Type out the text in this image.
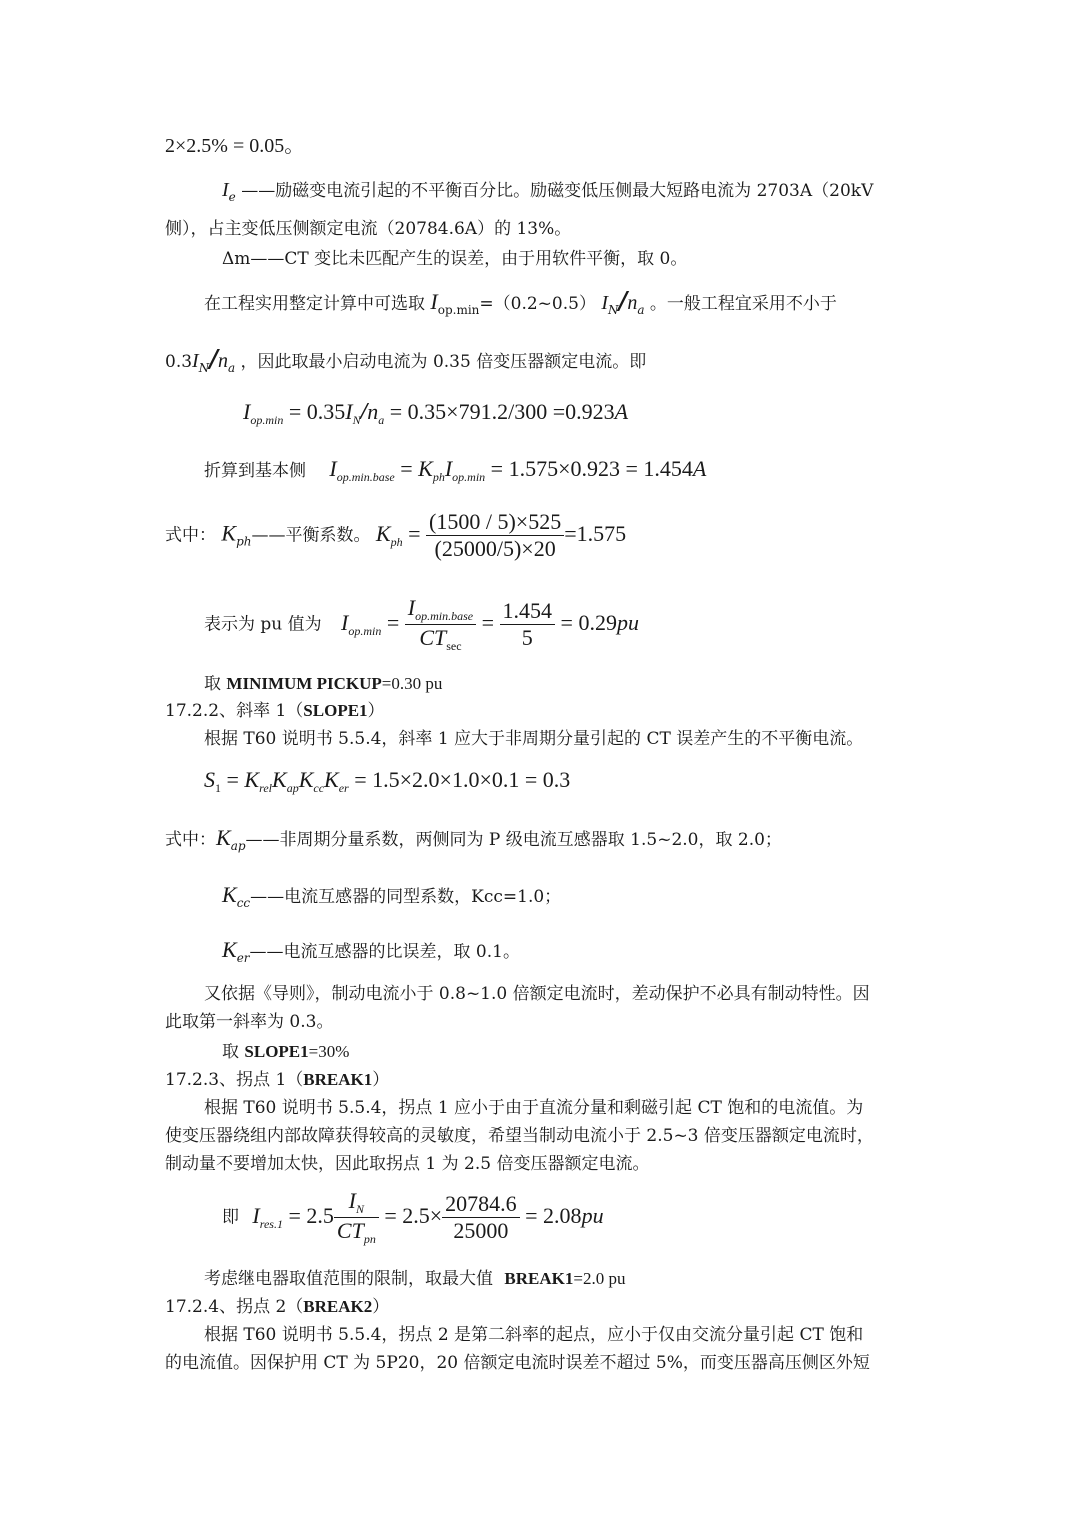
2×2.5% = 0.05。
$I_e$ ——励磁变电流引起的不平衡百分比。励磁变低压侧最大短路电流为 2703A（20kV
侧），占主变低压侧额定电流（20784.6A）的 13%。
Δm——CT 变比未匹配产生的误差，由于用软件平衡，取 0。
在工程实用整定计算中可选取 $I_{op.min}=(0.2\sim 0.5)$ $I_N/n_a$ 。一般工程宜采用不小于
$0.3I_N/n_a$ ，因此取最小启动电流为 0.35 倍变压器额定电流。即
$I_{op.min} = 0.35I_N/n_a = 0.35\times 791.2/300 =0.923A$
折算到基本侧 $I_{op.min.base} = K_{ph}I_{op.min} = 1.575\times 0.923 = 1.454A$
式中： $K_{ph}——$平衡系数。 $K_{ph} = \frac{(1500 / 5)\times 525}{(25000/5)\times 20} =1.575$
表示为 pu 值为 $I_{op.min} = \frac{I_{op.min.base}}{CT_{sec}} = \frac{1.454}{5} = 0.29pu$
取 MINIMUM PICKUP=0.30 pu
17.2.2、斜率 1（SLOPE1）
根据 T60 说明书 5.5.4，斜率 1 应大于非周期分量引起的 CT 误差产生的不平衡电流。
$S_1 = K_{rel}K_{ap}K_{cc}K_{er} = 1.5\times 2.0\times 1.0\times 0.1 = 0.3$
式中：$K_{ap}——$非周期分量系数，两侧同为 P 级电流互感器取 1.5~2.0，取 2.0；
$K_{cc}——$电流互感器的同型系数，Kcc=1.0；
$K_{er}——$电流互感器的比误差，取 0.1。
又依据《导则》，制动电流小于 0.8~1.0 倍额定电流时，差动保护不必具有制动特性。因
此取第一斜率为 0.3。
取 SLOPE1=30%
17.2.3、拐点 1（BREAK1）
根据 T60 说明书 5.5.4，拐点 1 应小于由于直流分量和剩磁引起 CT 饱和的电流值。为
使变压器绕组内部故障获得较高的灵敏度，希望当制动电流小于 2.5~3 倍变压器额定电流时，
制动量不要增加太快，因此取拐点 1 为 2.5 倍变压器额定电流。
即 $I_{res.1} = 2.5 \frac{I_N}{CT_{pn}} = 2.5\times \frac{20784.6}{25000} = 2.08pu$
考虑继电器取值范围的限制，取最大值 BREAK1=2.0 pu
17.2.4、拐点 2（BREAK2）
根据 T60 说明书 5.5.4，拐点 2 是第二斜率的起点，应小于仅由交流分量引起 CT 饱和
的电流值。因保护用 CT 为 5P20，20 倍额定电流时误差不超过 5%，而变压器高压侧区外短
